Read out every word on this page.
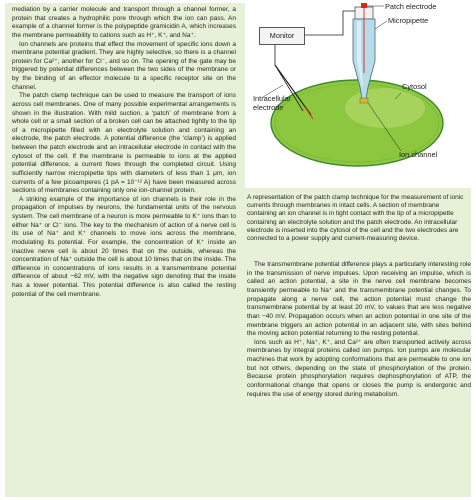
mediation by a carrier molecule and transport through a channel former, a protein that creates a hydrophilic pore through which the ion can pass. An example of a channel former is the polypeptide gramicidin A, which increases the membrane permeability to cations such as H⁺, K⁺, and Na⁺.

Ion channels are proteins that effect the movement of specific ions down a membrane potential gradient. They are highly selective, so there is a channel protein for Ca²⁺, another for Cl⁻, and so on. The opening of the gate may be triggered by potential differences between the two sides of the membrane or by the binding of an effector molecule to a specific receptor site on the channel.

The patch clamp technique can be used to measure the transport of ions across cell membranes. One of many possible experimental arrangements is shown in the illustration. With mild suction, a ‘patch’ of membrane from a whole cell or a small section of a broken cell can be attached tightly to the tip of a micropipette filled with an electrolyte solution and containing an electrode, the patch electrode. A potential difference (the ‘clamp’) is applied between the patch electrode and an intracellular electrode in contact with the cytosol of the cell. If the membrane is permeable to ions at the applied potential difference, a current flows through the completed circuit. Using sufficiently narrow micropipette tips with diameters of less than 1 μm, ion currents of a few picoamperes (1 pA = 10⁻¹² A) have been measured across sections of membranes containing only one ion-channel protein.

A striking example of the importance of ion channels is their role in the propagation of impulses by neurons, the fundamental units of the nervous system. The cell membrane of a neuron is more permeable to K⁺ ions than to either Na⁺ or Cl⁻ ions. The key to the mechanism of action of a nerve cell is its use of Na⁺ and K⁺ channels to move ions across the membrane, modulating its potential. For example, the concentration of K⁺ inside an inactive nerve cell is about 20 times that on the outside, whereas the concentration of Na⁺ outside the cell is about 10 times that on the inside. The difference in concentrations of ions results in a transmembrane potential difference of about −62 mV, with the negative sign denoting that the inside has a lower potential. This potential difference is also called the resting potential of the cell membrane.

Monitor
Patch electrode
Micropipette
Cytosol
Intracellular electrode
Ion channel
A representation of the patch clamp technique for the measurement of ionic currents through membranes in intact cells. A section of membrane containing an ion channel is in tight contact with the tip of a micropipette containing an electrolyte solution and the patch electrode. An intracellular electrode is inserted into the cytosol of the cell and the two electrodes are connected to a power supply and current-measuring device.

The transmembrane potential difference plays a particularly interesting role in the transmission of nerve impulses. Upon receiving an impulse, which is called an action potential, a site in the nerve cell membrane becomes transiently permeable to Na⁺ and the transmembrane potential changes. To propagate along a nerve cell, the action potential must change the transmembrane potential by at least 20 mV, to values that are less negative than −40 mV. Propagation occurs when an action potential in one site of the membrane triggers an action potential in an adjacent site, with sites behind the moving action potential returning to the resting potential.

Ions such as H⁺, Na⁺, K⁺, and Ca²⁺ are often transported actively across membranes by integral proteins called ion pumps. Ion pumps are molecular machines that work by adopting conformations that are permeable to one ion but not others, depending on the state of phosphorylation of the protein. Because protein phosphorylation requires dephosphorylation of ATP, the conformational change that opens or closes the pump is endergonic and requires the use of energy stored during metabolism.
